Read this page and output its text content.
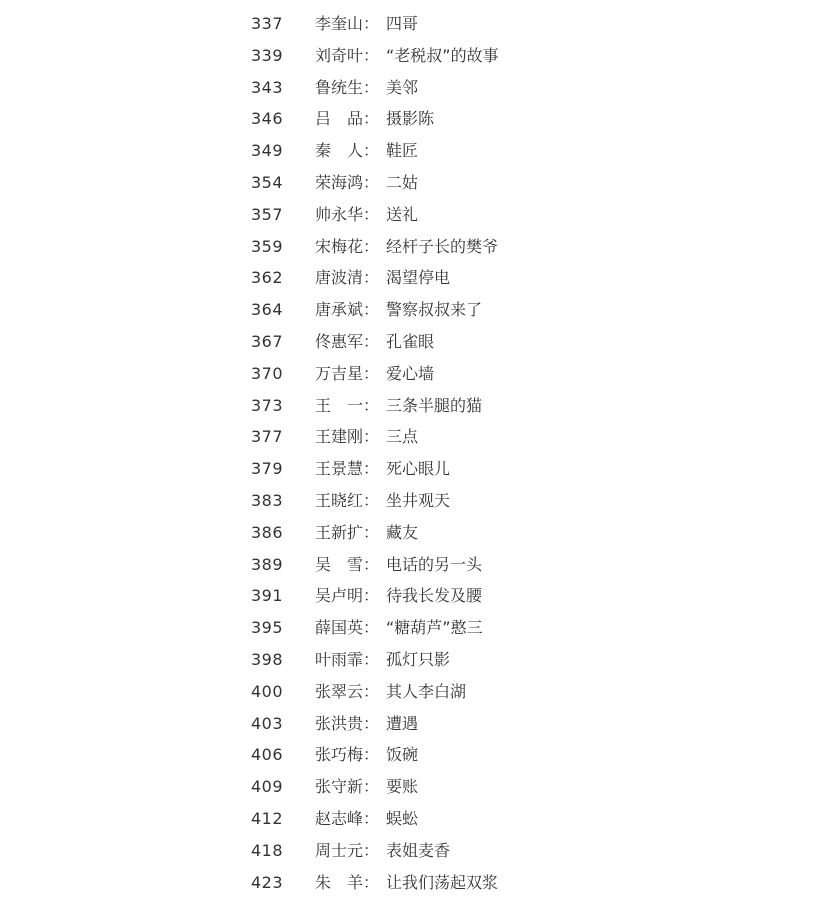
337	李奎山： 四哥
339	刘奇叶： “老税叔”的故事
343	鲁统生： 美邻
346	吕　品： 摄影陈
349	秦　人： 鞋匠
354	荣海鸿： 二姑
357	帅永华： 送礼
359	宋梅花： 经杆子长的樊爷
362	唐波清： 渴望停电
364	唐承斌： 警察叔叔来了
367	佟惠军： 孔雀眼
370	万吉星： 爱心墙
373	王　一： 三条半腿的猫
377	王建刚： 三点
379	王景慧： 死心眼儿
383	王晓红： 坐井观天
386	王新扩： 藏友
389	吴　雪： 电话的另一头
391	吴卢明： 待我长发及腰
395	薛国英： “糖葫芦”憨三
398	叶雨霏： 孤灯只影
400	张翠云： 其人李白湖
403	张洪贵： 遭遇
406	张巧梅： 饭碗
409	张守新： 要账
412	赵志峰： 蜈蚣
418	周士元： 表姐麦香
423	朱　羊： 让我们荡起双浆
